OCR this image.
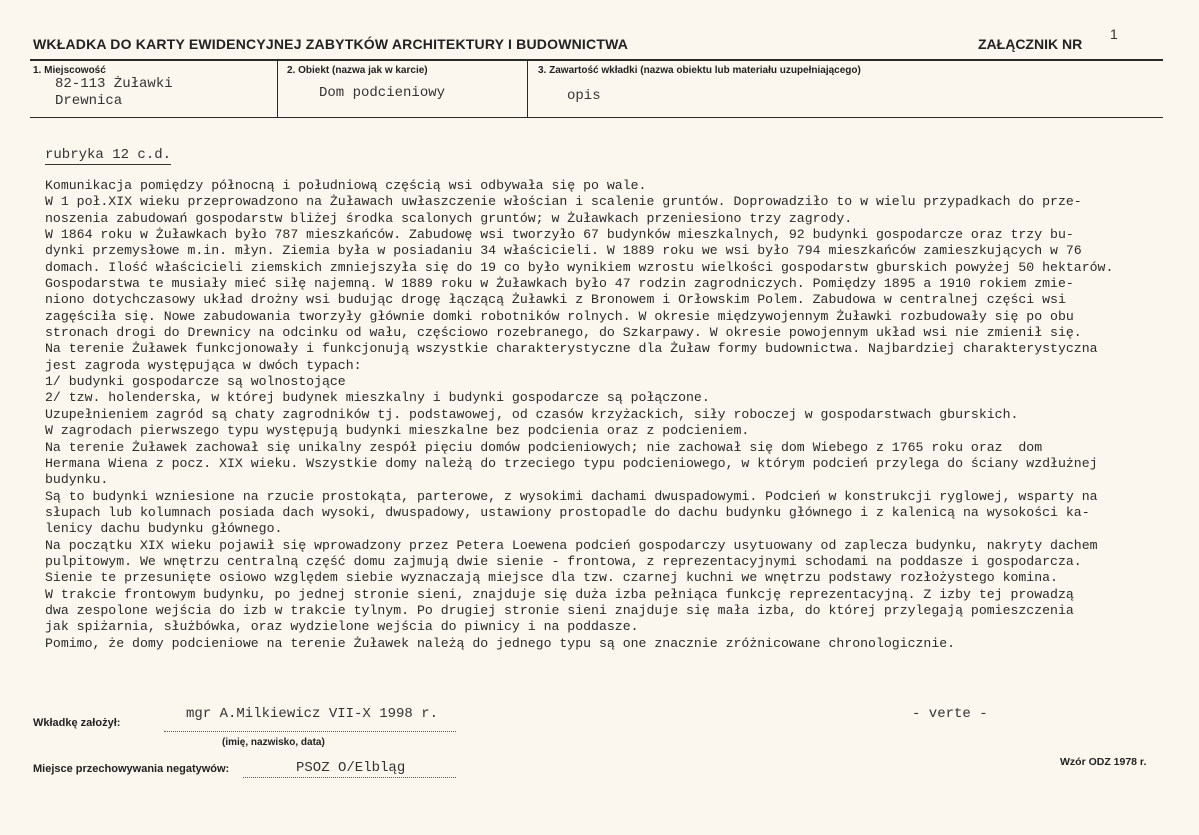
WKŁADKA DO KARTY EWIDENCYJNEJ ZABYTKÓW ARCHITEKTURY I BUDOWNICTWA	ZAŁĄCZNIK NR
1
1. Miejscowość
82-113 Żuławki
Drewnica
2. Obiekt (nazwa jak w karcie)
Dom podcieniowy
3. Zawartość wkładki (nazwa obiektu lub materiału uzupełniającego)
opis
rubryka 12 c.d.
Komunikacja pomiędzy północną i południową częścią wsi odbywała się po wale.
W 1 poł.XIX wieku przeprowadzono na Żuławach uwłaszczenie włościan i scalenie gruntów. Doprowadziło to w wielu przypadkach do prze-
noszenia zabudowań gospodarstw bliżej środka scalonych gruntów; w Żuławkach przeniesiono trzy zagrody.
W 1864 roku w Żuławkach było 787 mieszkańców. Zabudowę wsi tworzyło 67 budynków mieszkalnych, 92 budynki gospodarcze oraz trzy bu-
dynki przemysłowe m.in. młyn. Ziemia była w posiadaniu 34 właścicieli. W 1889 roku we wsi było 794 mieszkańców zamieszkujących w 76
domach. Ilość właścicieli ziemskich zmniejszyła się do 19 co było wynikiem wzrostu wielkości gospodarstw gburskich powyżej 50 hektarów.
Gospodarstwa te musiały mieć siłę najemną. W 1889 roku w Żuławkach było 47 rodzin zagrodniczych. Pomiędzy 1895 a 1910 rokiem zmie-
niono dotychczasowy układ drożny wsi budując drogę łączącą Żuławki z Bronowem i Orłowskim Polem. Zabudowa w centralnej części wsi
zagęściła się. Nowe zabudowania tworzyły głównie domki robotników rolnych. W okresie międzywojennym Żuławki rozbudowały się po obu
stronach drogi do Drewnicy na odcinku od wału, częściowo rozebranego, do Szkarpawy. W okresie powojennym układ wsi nie zmienił się.
Na terenie Żuławek funkcjonowały i funkcjonują wszystkie charakterystyczne dla Żuław formy budownictwa. Najbardziej charakterystyczna
jest zagroda występująca w dwóch typach:
1/ budynki gospodarcze są wolnostojące
2/ tzw. holenderska, w której budynek mieszkalny i budynki gospodarcze są połączone.
Uzupełnieniem zagród są chaty zagrodników tj. podstawowej, od czasów krzyżackich, siły roboczej w gospodarstwach gburskich.
W zagrodach pierwszego typu występują budynki mieszkalne bez podcienia oraz z podcieniem.
Na terenie Żuławek zachował się unikalny zespół pięciu domów podcieniowych; nie zachował się dom Wiebego z 1765 roku oraz  dom
Hermana Wiena z pocz. XIX wieku. Wszystkie domy należą do trzeciego typu podcieniowego, w którym podcień przylega do ściany wzdłużnej
budynku.
Są to budynki wzniesione na rzucie prostokąta, parterowe, z wysokimi dachami dwuspadowymi. Podcień w konstrukcji ryglowej, wsparty na
słupach lub kolumnach posiada dach wysoki, dwuspadowy, ustawiony prostopadle do dachu budynku głównego i z kalenicą na wysokości ka-
lenicy dachu budynku głównego.
Na początku XIX wieku pojawił się wprowadzony przez Petera Loewena podcień gospodarczy usytuowany od zaplecza budynku, nakryty dachem
pulpitowym. We wnętrzu centralną część domu zajmują dwie sienie - frontowa, z reprezentacyjnymi schodami na poddasze i gospodarcza.
Sienie te przesunięte osiowo względem siebie wyznaczają miejsce dla tzw. czarnej kuchni we wnętrzu podstawy rozłożystego komina.
W trakcie frontowym budynku, po jednej stronie sieni, znajduje się duża izba pełniąca funkcję reprezentacyjną. Z izby tej prowadzą
dwa zespolone wejścia do izb w trakcie tylnym. Po drugiej stronie sieni znajduje się mała izba, do której przylegają pomieszczenia
jak spiżarnia, służbówka, oraz wydzielone wejścia do piwnicy i na poddasze.
Pomimo, że domy podcieniowe na terenie Żuławek należą do jednego typu są one znacznie zróżnicowane chronologicznie.
Wkładkę założył:
mgr A.Milkiewicz VII-X 1998 r.
(imię, nazwisko, data)
- verte -
Miejsce przechowywania negatywów:	PSOZ O/Elbląg	Wzór ODZ 1978 r.
